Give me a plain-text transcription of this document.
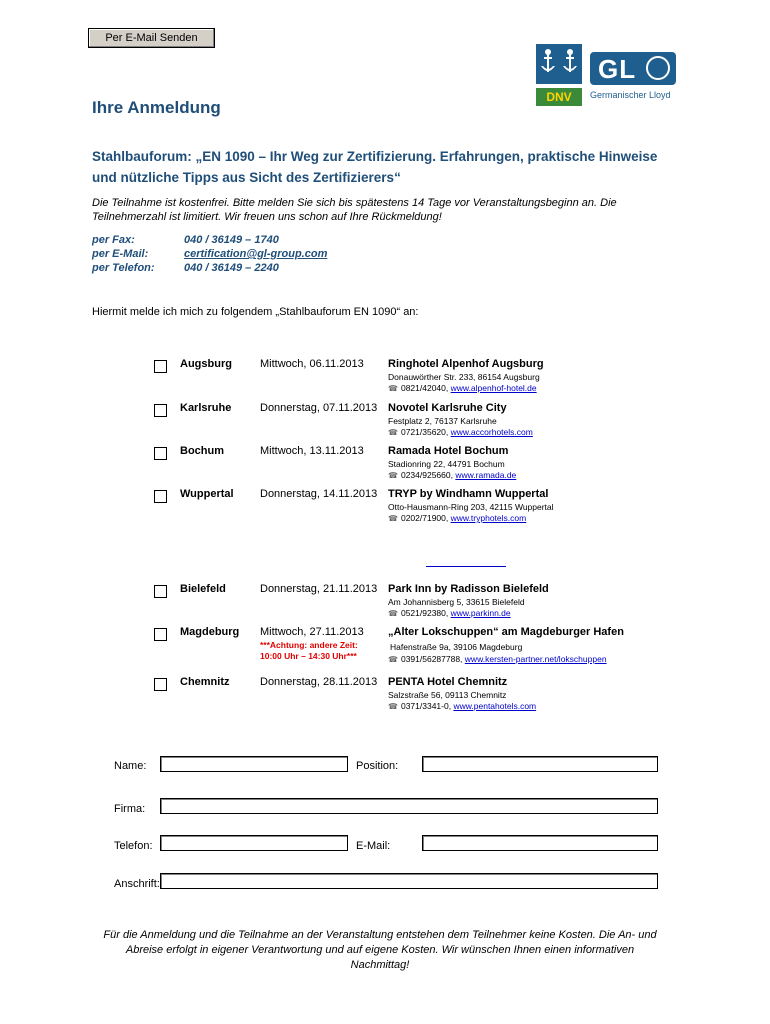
Per E-Mail Senden
DNV
GL
Germanischer Lloyd
Ihre Anmeldung
Stahlbauforum: „EN 1090 – Ihr Weg zur Zertifizierung. Erfahrungen, praktische Hinweise und nützliche Tipps aus Sicht des Zertifizierers“
Die Teilnahme ist kostenfrei. Bitte melden Sie sich bis spätestens 14 Tage vor Veranstaltungsbeginn an. Die Teilnehmerzahl ist limitiert. Wir freuen uns schon auf Ihre Rückmeldung!
per Fax:	040 / 36149 – 1740
per E-Mail:	certification@gl-group.com
per Telefon:	040 / 36149 – 2240
Hiermit melde ich mich zu folgendem „Stahlbauforum EN 1090“ an:
Augsburg	Mittwoch, 06.11.2013 Ringhotel Alpenhof Augsburg
Donauwörther Str. 233, 86154 Augsburg
☎ 0821/42040, www.alpenhof-hotel.de
Karlsruhe	Donnerstag, 07.11.2013 Novotel Karlsruhe City
Festplatz 2, 76137 Karlsruhe
☎ 0721/35620, www.accorhotels.com
Bochum	Mittwoch, 13.11.2013 Ramada Hotel Bochum
Stadionring 22, 44791 Bochum
☎ 0234/925660, www.ramada.de
Wuppertal Donnerstag, 14.11.2013 TRYP by Windhamn Wuppertal
Otto-Hausmann-Ring 203, 42115 Wuppertal
☎ 0202/71900, www.tryphotels.com
Bielefeld	Donnerstag, 21.11.2013 Park Inn by Radisson Bielefeld
Am Johannisberg 5, 33615 Bielefeld
☎ 0521/92380, www.parkinn.de
Magdeburg Mittwoch, 27.11.2013
***Achtung: andere Zeit:
10:00 Uhr – 14:30 Uhr***
„Alter Lokschuppen“ am Magdeburger Hafen
Hafenstraße 9a, 39106 Magdeburg
☎ 0391/56287788, www.kersten-partner.net/lokschuppen
Chemnitz	Donnerstag, 28.11.2013 PENTA Hotel Chemnitz
Salzstraße 56, 09113 Chemnitz
☎ 0371/3341-0, www.pentahotels.com
Name:	Position:
Firma:
Telefon:	E-Mail:
Anschrift:
Für die Anmeldung und die Teilnahme an der Veranstaltung entstehen dem Teilnehmer keine Kosten. Die An- und Abreise erfolgt in eigener Verantwortung und auf eigene Kosten. Wir wünschen Ihnen einen informativen Nachmittag!
